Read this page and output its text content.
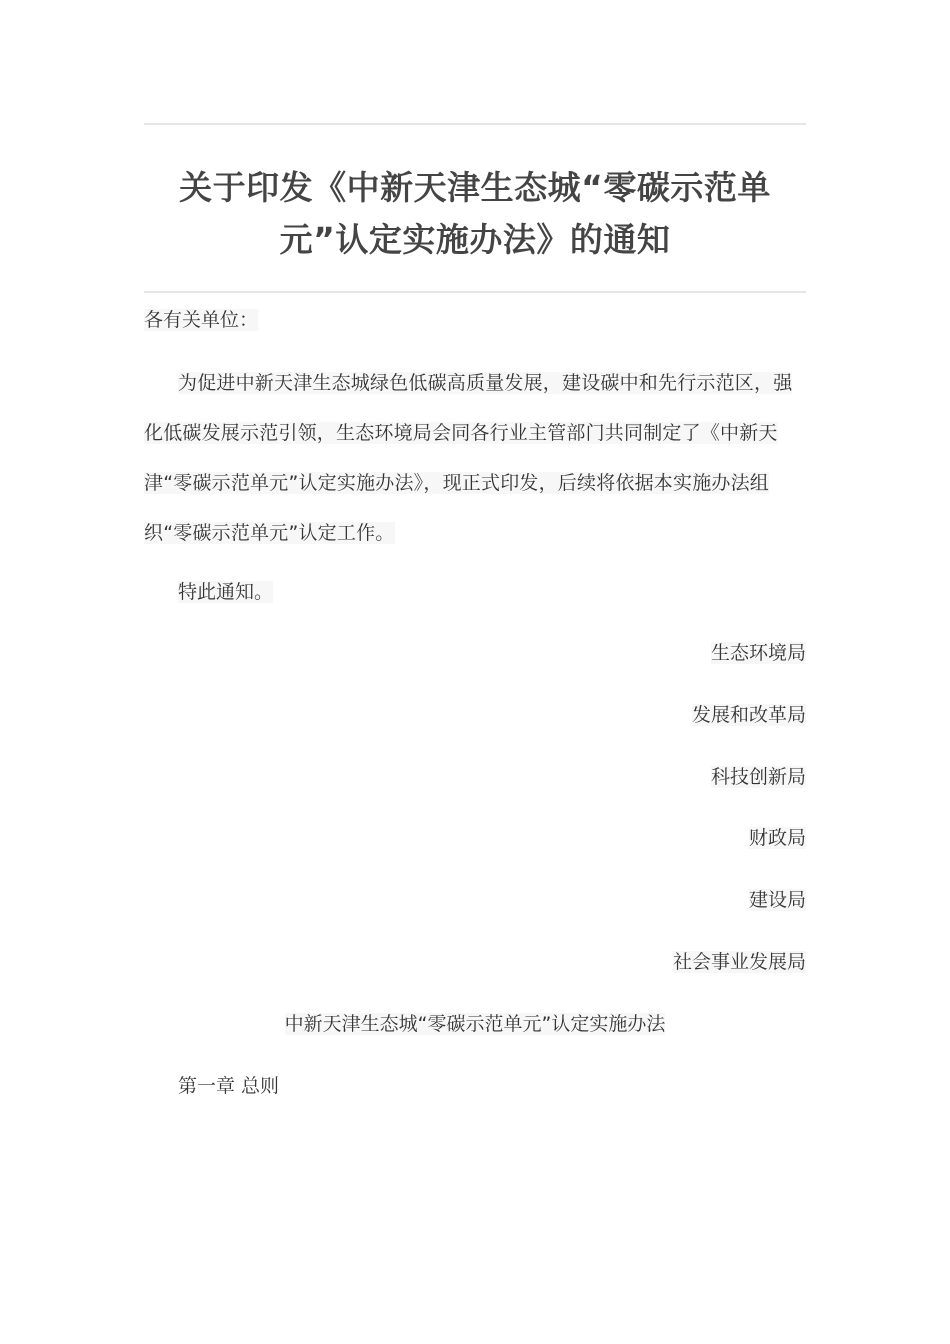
关于印发《中新天津生态城“零碳示范单元”认定实施办法》的通知

各有关单位：

为促进中新天津生态城绿色低碳高质量发展，建设碳中和先行示范区，强化低碳发展示范引领，生态环境局会同各行业主管部门共同制定了《中新天津“零碳示范单元”认定实施办法》，现正式印发，后续将依据本实施办法组织“零碳示范单元”认定工作。

特此通知。

生态环境局
发展和改革局
科技创新局
财政局
建设局
社会事业发展局

中新天津生态城“零碳示范单元”认定实施办法

第一章 总则
